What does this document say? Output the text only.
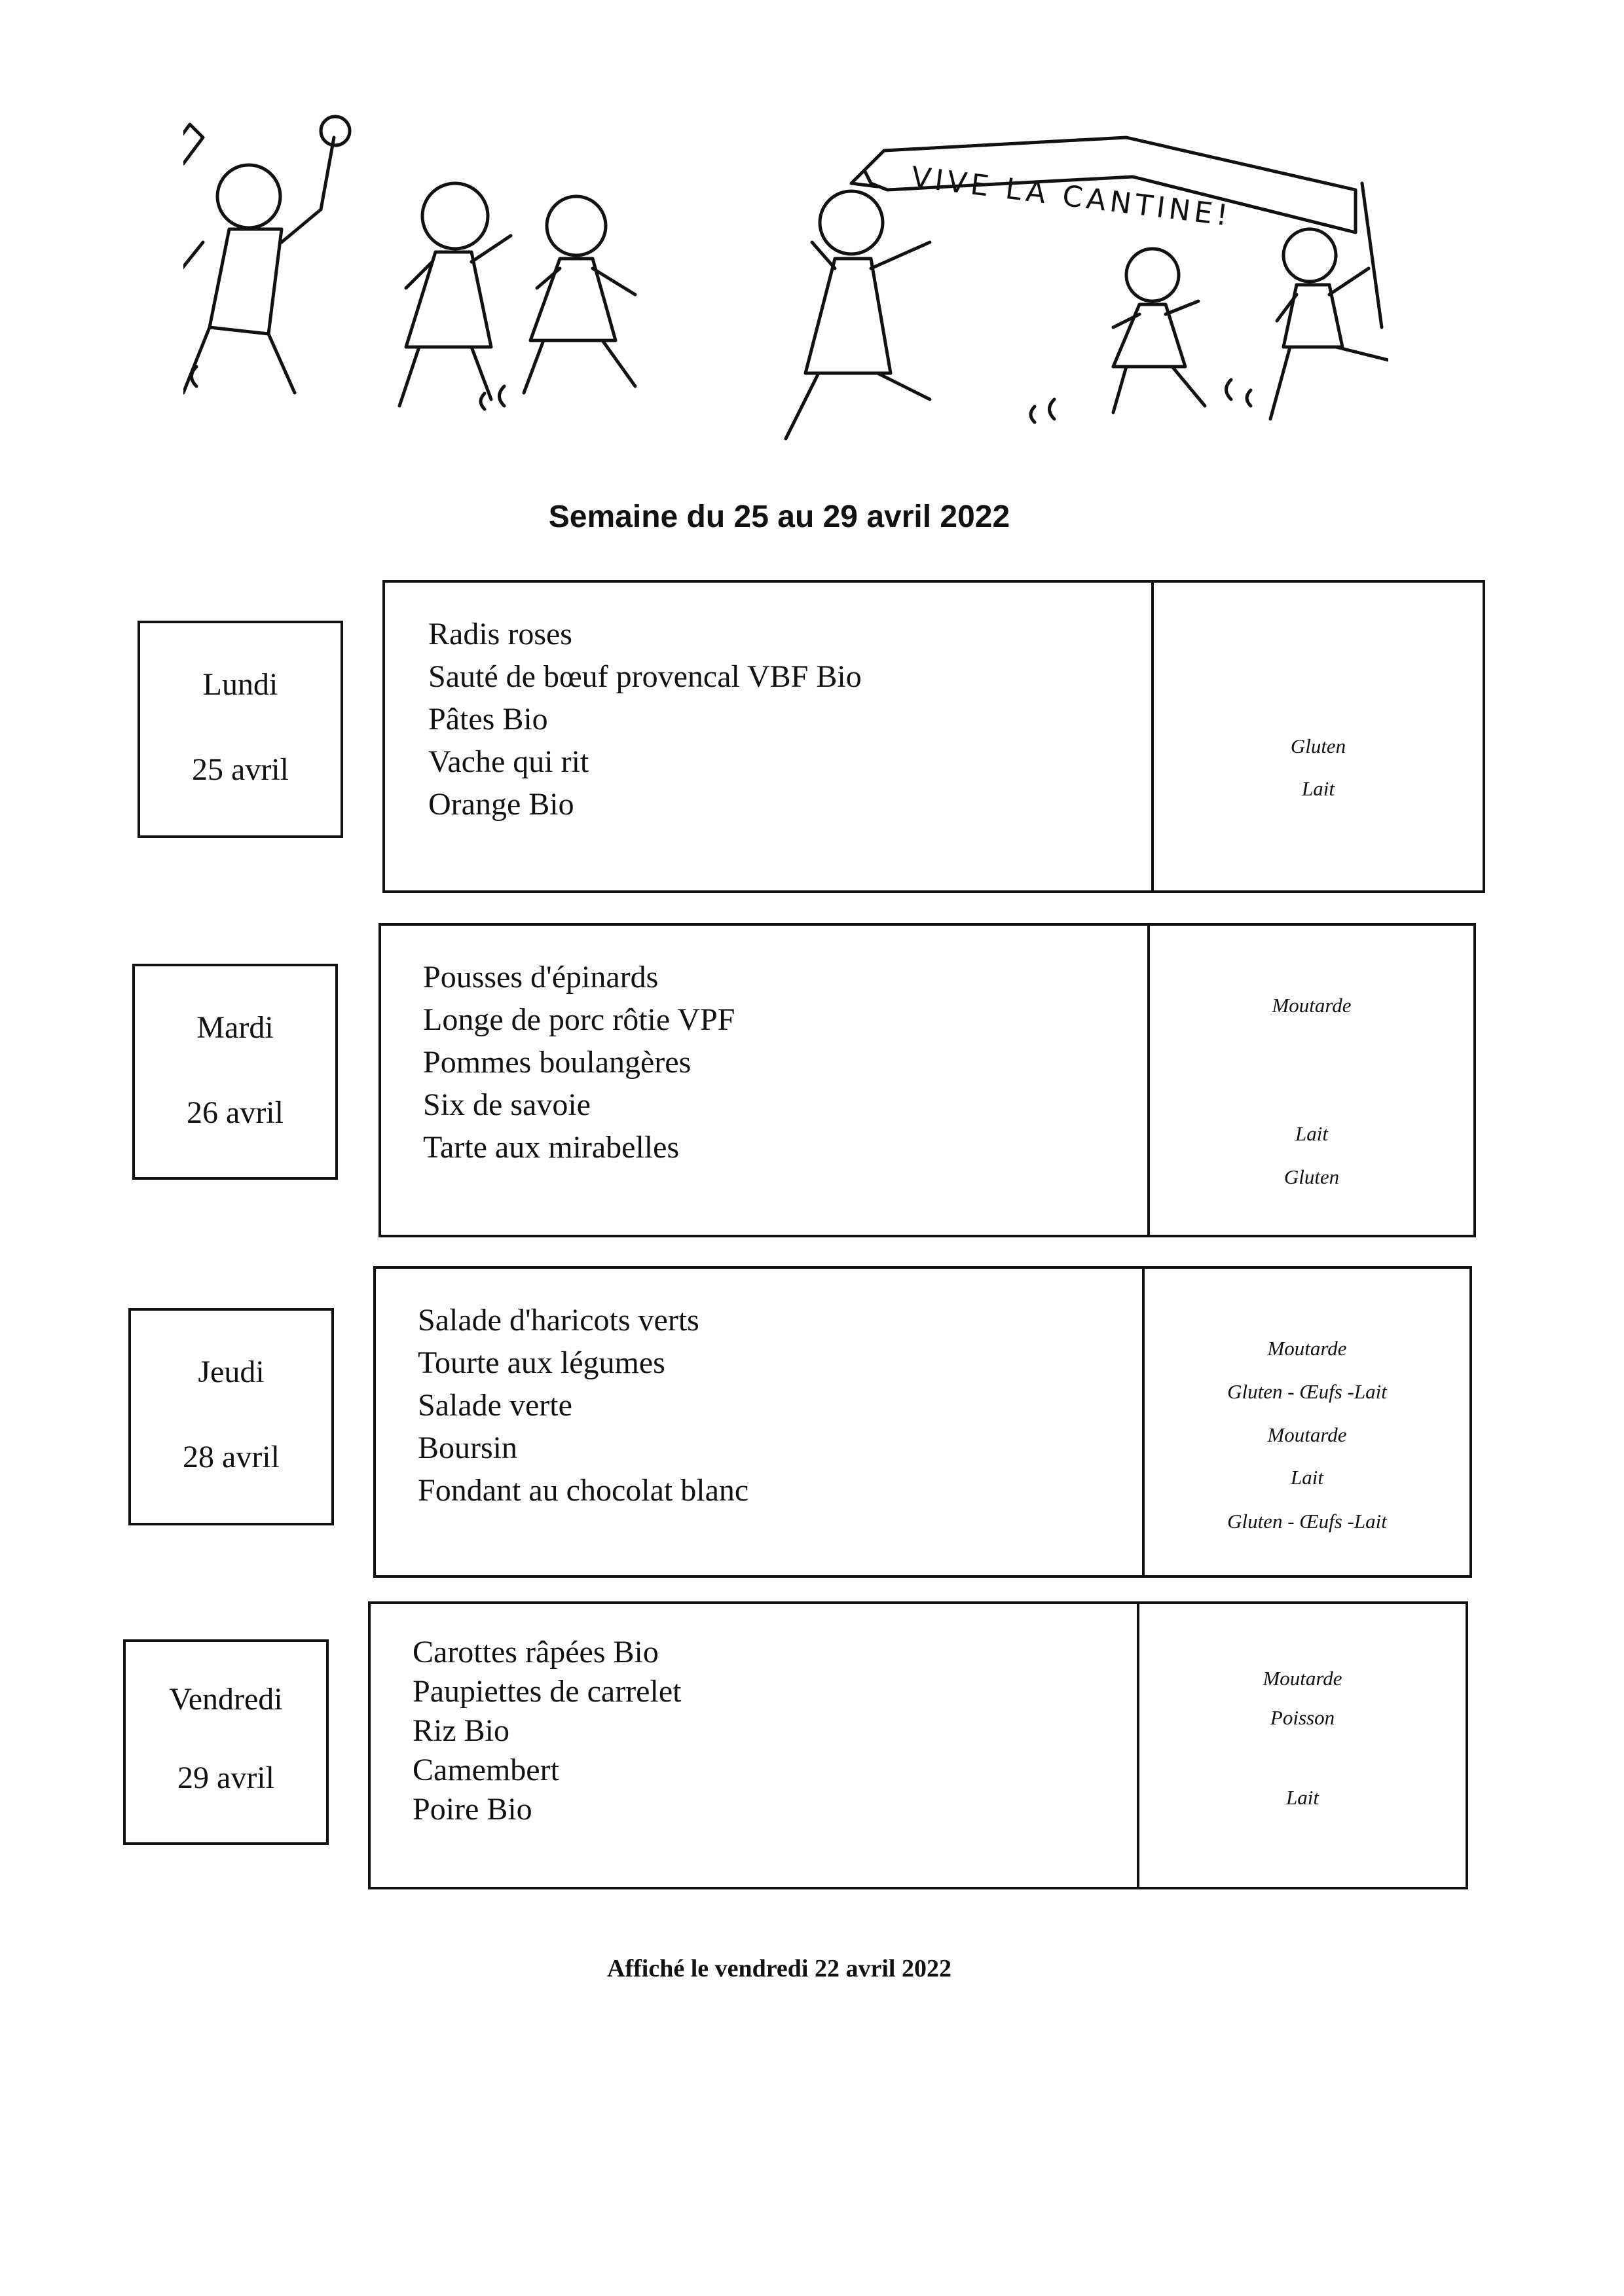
VIVE LA CANTINE!
Semaine du 25 au 29 avril 2022
Lundi
25 avril
Radis roses
Sauté de bœuf provencal VBF Bio
Pâtes Bio
Vache qui rit
Orange Bio
Gluten
Lait
Mardi
26 avril
Pousses d'épinards
Longe de porc rôtie VPF
Pommes boulangères
Six de savoie
Tarte aux mirabelles
Moutarde
Lait
Gluten
Jeudi
28 avril
Salade d'haricots verts
Tourte aux légumes
Salade verte
Boursin
Fondant au chocolat blanc
Moutarde
Gluten - Œufs -Lait
Moutarde
Lait
Gluten - Œufs -Lait
Vendredi
29 avril
Carottes râpées Bio
Paupiettes de carrelet
Riz Bio
Camembert
Poire Bio
Moutarde
Poisson
Lait
Affiché le vendredi 22 avril 2022
